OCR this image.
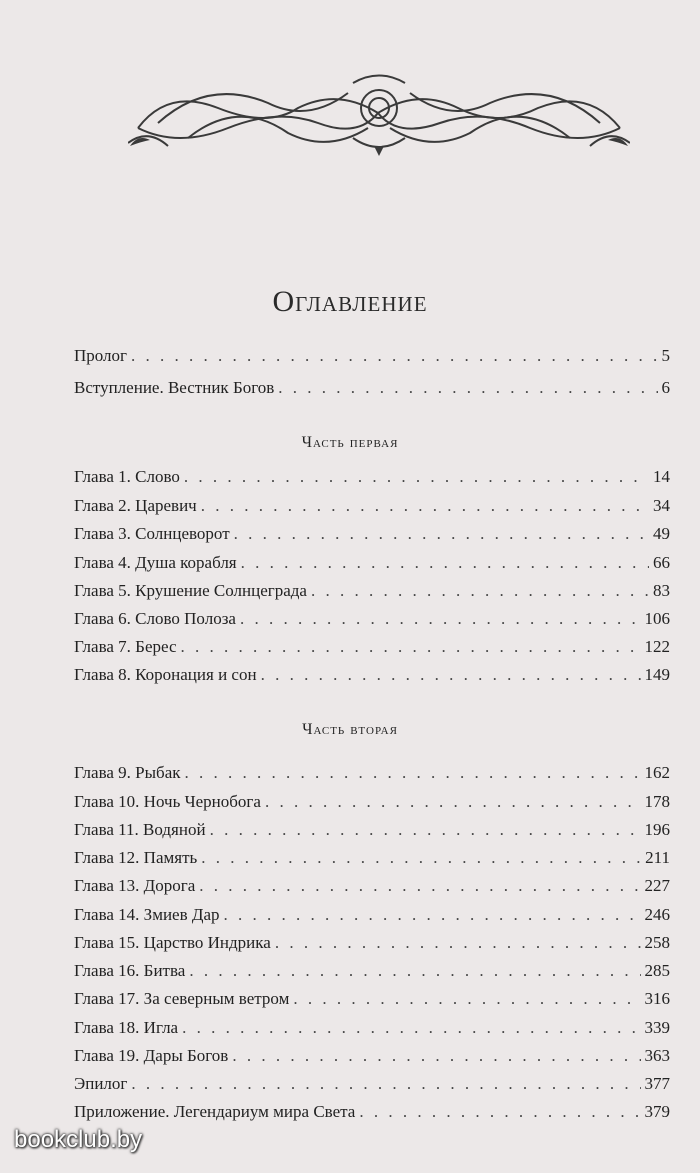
Оглавление
Пролог . . .	5
Вступление. Вестник Богов . . .	6
Часть первая
Глава 1. Слово . . .	14
Глава 2. Царевич . . .	34
Глава 3. Солнцеворот . . .	49
Глава 4. Душа корабля . . .	66
Глава 5. Крушение Солнцеграда . . .	83
Глава 6. Слово Полоза . . .	106
Глава 7. Берес . . .	122
Глава 8. Коронация и сон . . .	149
Часть вторая
Глава 9. Рыбак . . .	162
Глава 10. Ночь Чернобога . . .	178
Глава 11. Водяной . . .	196
Глава 12. Память . . .	211
Глава 13. Дорога . . .	227
Глава 14. Змиев Дар . . .	246
Глава 15. Царство Индрика . . .	258
Глава 16. Битва . . .	285
Глава 17. За северным ветром . . .	316
Глава 18. Игла . . .	339
Глава 19. Дары Богов . . .	363
Эпилог . . .	377
Приложение. Легендариум мира Света . . .	379
bookclub.by
